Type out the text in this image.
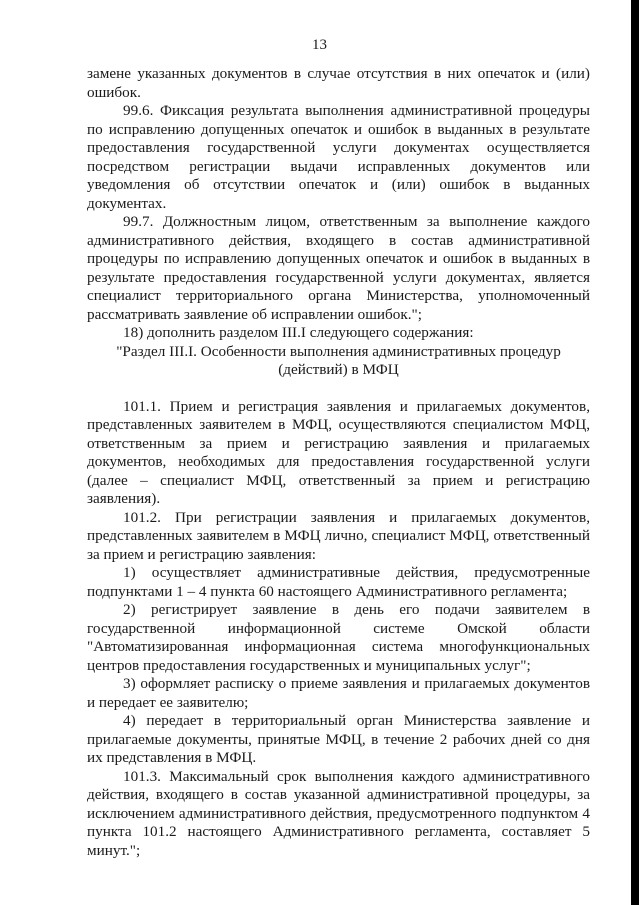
13

замене указанных документов в случае отсутствия в них опечаток и (или) ошибок.

99.6. Фиксация результата выполнения административной процедуры по исправлению допущенных опечаток и ошибок в выданных в результате предоставления государственной услуги документах осуществляется посредством регистрации выдачи исправленных документов или уведомления об отсутствии опечаток и (или) ошибок в выданных документах.

99.7. Должностным лицом, ответственным за выполнение каждого административного действия, входящего в состав административной процедуры по исправлению допущенных опечаток и ошибок в выданных в результате предоставления государственной услуги документах, является специалист территориального органа Министерства, уполномоченный рассматривать заявление об исправлении ошибок.";

18) дополнить разделом III.I следующего содержания:

"Раздел III.I. Особенности выполнения административных процедур (действий) в МФЦ

101.1. Прием и регистрация заявления и прилагаемых документов, представленных заявителем в МФЦ, осуществляются специалистом МФЦ, ответственным за прием и регистрацию заявления и прилагаемых документов, необходимых для предоставления государственной услуги (далее – специалист МФЦ, ответственный за прием и регистрацию заявления).

101.2. При регистрации заявления и прилагаемых документов, представленных заявителем в МФЦ лично, специалист МФЦ, ответственный за прием и регистрацию заявления:

1) осуществляет административные действия, предусмотренные подпунктами 1 – 4 пункта 60 настоящего Административного регламента;

2) регистрирует заявление в день его подачи заявителем в государственной информационной системе Омской области "Автоматизированная информационная система многофункциональных центров предоставления государственных и муниципальных услуг";

3) оформляет расписку о приеме заявления и прилагаемых документов и передает ее заявителю;

4) передает в территориальный орган Министерства заявление и прилагаемые документы, принятые МФЦ, в течение 2 рабочих дней со дня их представления в МФЦ.

101.3. Максимальный срок выполнения каждого административного действия, входящего в состав указанной административной процедуры, за исключением административного действия, предусмотренного подпунктом 4 пункта 101.2 настоящего Административного регламента, составляет 5 минут.";
